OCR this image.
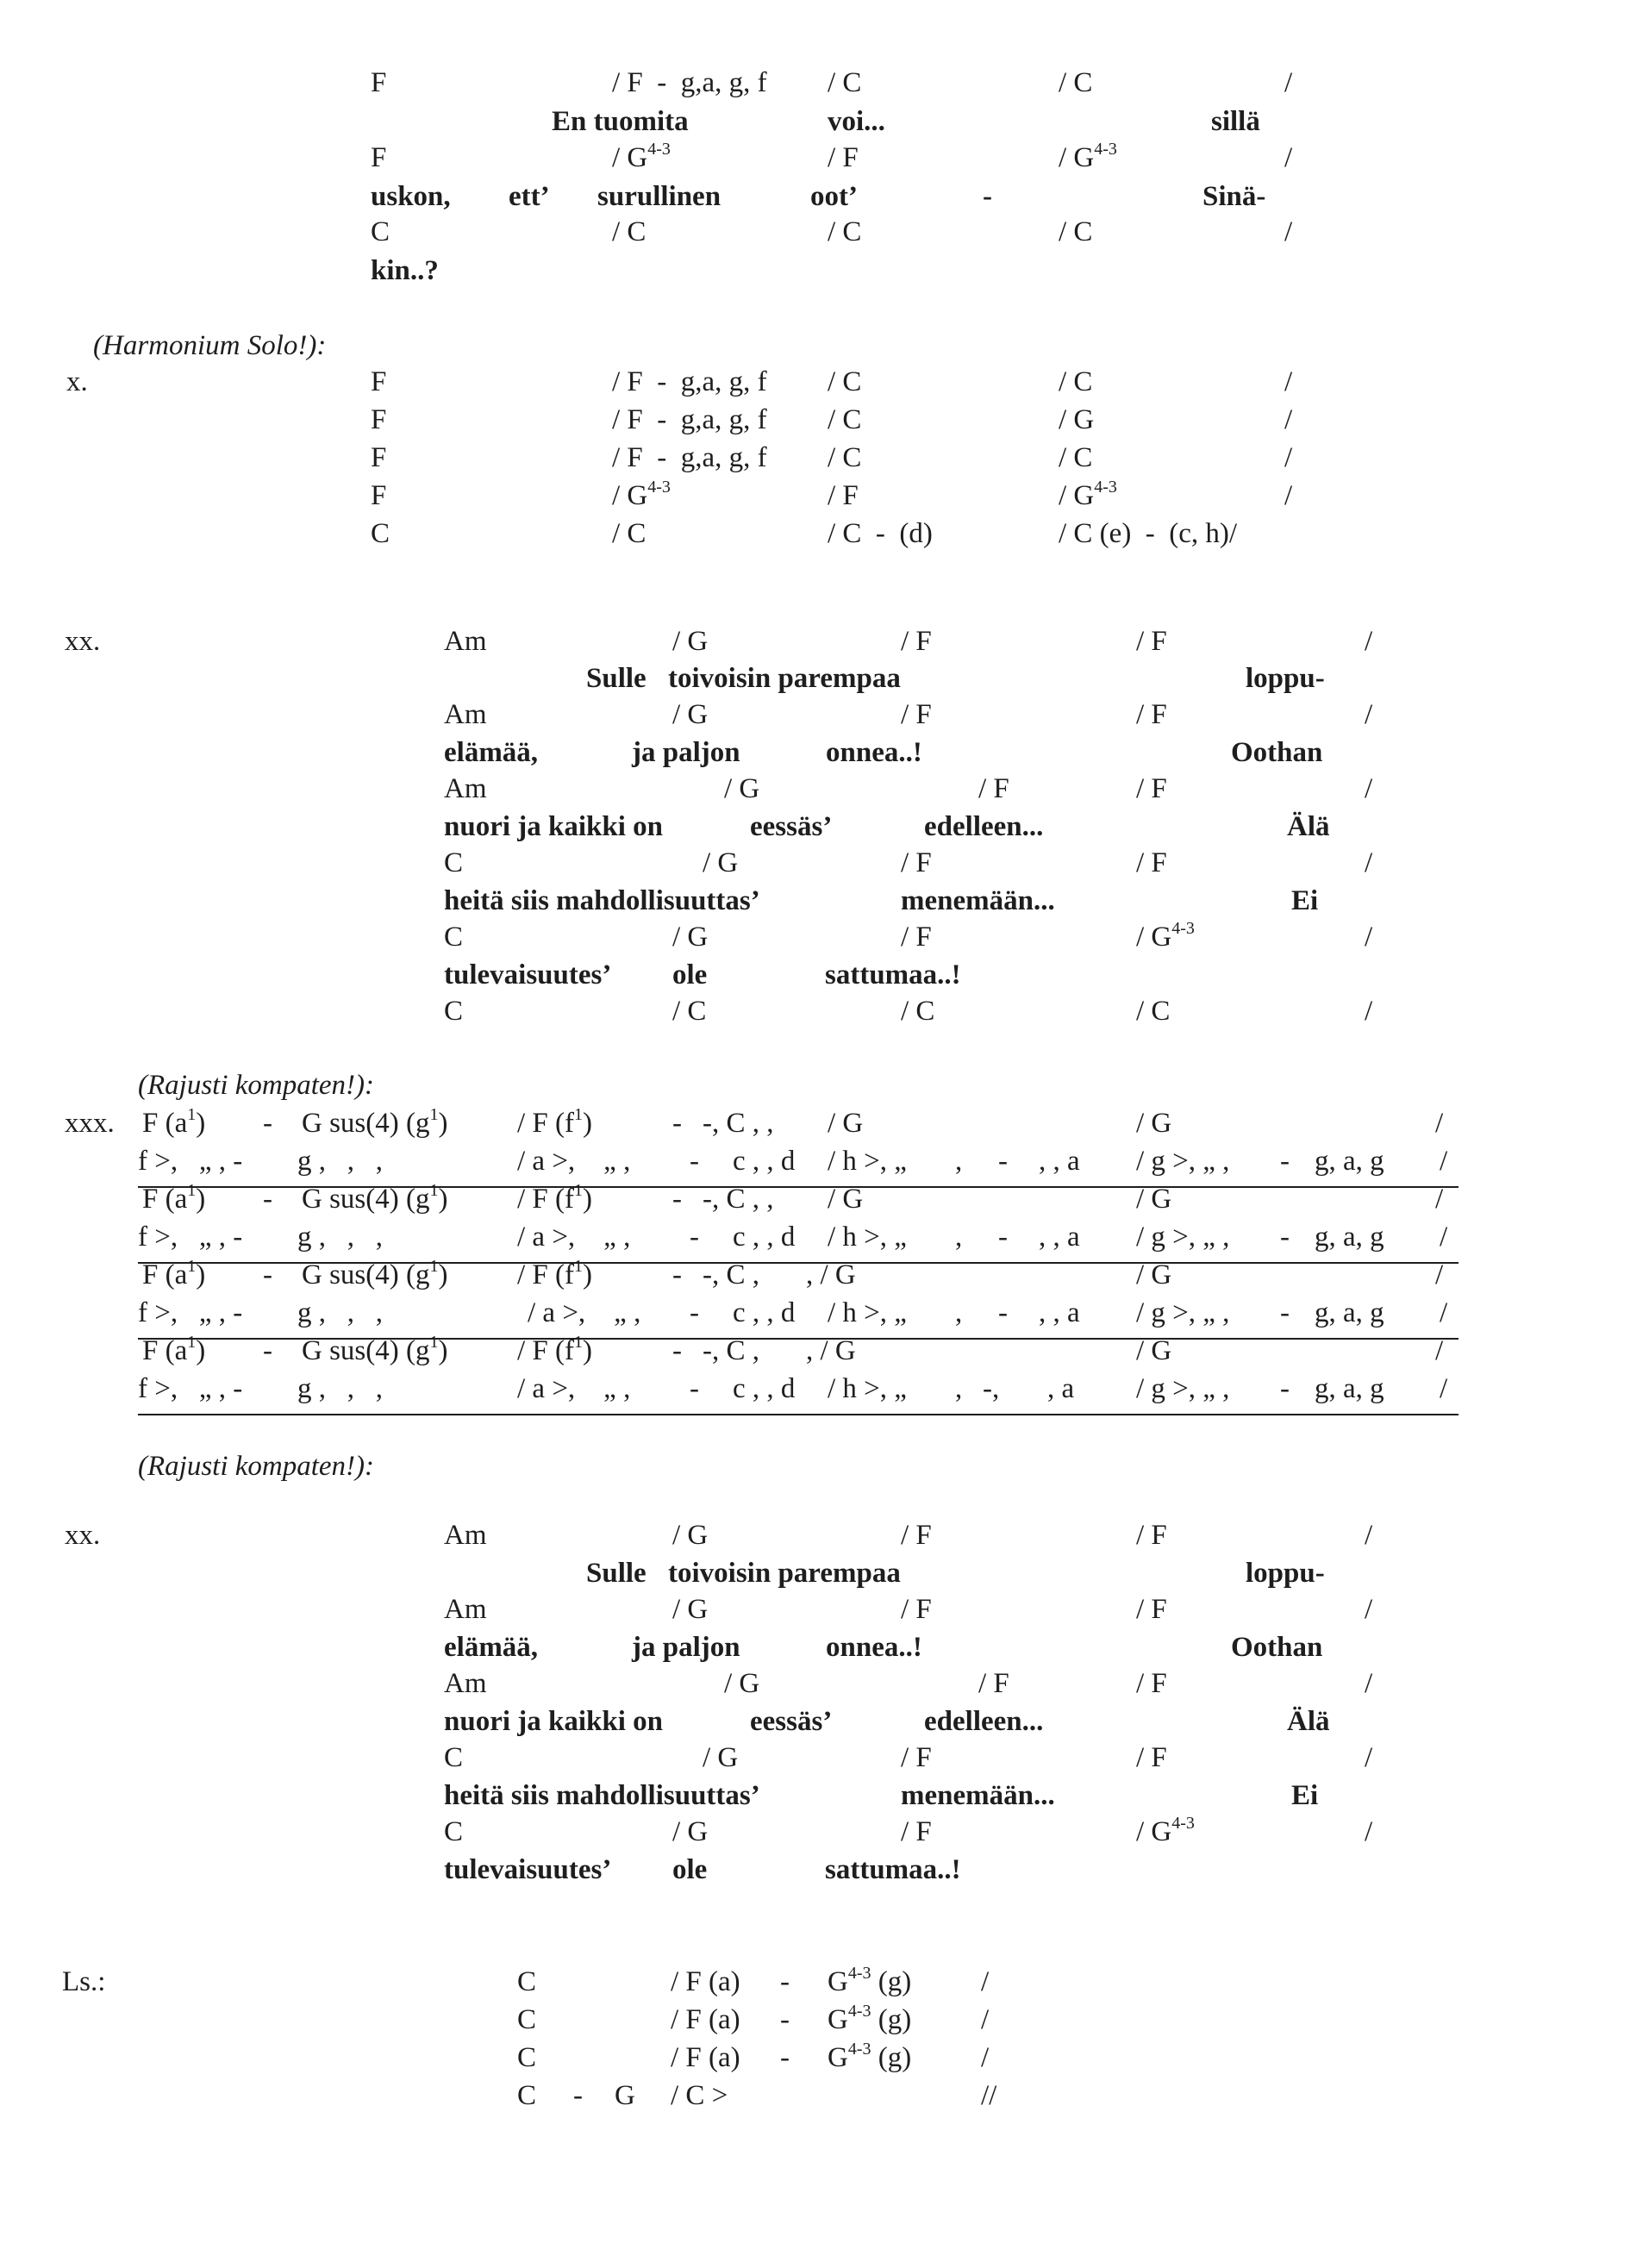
F	/ F  -  g,a, g, f / C	/ C	/
En tuomita	voi...	sillä
F	/ $G^{4-3}$	/ F	/ $G^{4-3}$	/
uskon, ett’ surullinen	oot’	-	Sinä-
C	/ C	/ C	/ C	/
kin..?
(Harmonium Solo!):
x.	F	/ F  -  g,a, g, f / C	/ C	/
F	/ F  -  g,a, g, f / C	/ G	/
F	/ F  -  g,a, g, f / C	/ C	/
F	/ $G^{4-3}$	/ F	/ $G^{4-3}$	/
C	/ C	/ C  -  (d)	/ C (e)  -  (c, h)/
xx.	Am	/ G	/ F	/ F	/
Sulle toivoisin parempaa	loppu-
Am	/ G	/ F	/ F	/
elämää,	ja paljon	onnea..!	Oothan
Am	/ G	/ F	/ F	/
nuori ja kaikki on	eessäs’	edelleen...	Älä
C	/ G	/ F	/ F	/
heitä siis mahdollisuuttas’	menemään...	Ei
C	/ G	/ F	/ $G^{4-3}$	/
tulevaisuutes’ ole	sattumaa..!
C	/ C	/ C	/ C	/
(Rajusti kompaten!):
xxx. F $(a^1)$ - G sus(4) $(g^1)$ / F $(f^1)$	- -, C , , / G	/ G	/
f >,   „ , - g ,   ,   ,	/ a >,    „ , - c , , d / h >, „ , - , , a / g >, „ , - g, a, g /
F $(a^1)$ - G sus(4) $(g^1)$ / F $(f^1)$	- -, C , , / G	/ G	/
f >,   „ , - g ,   ,   ,	/ a >,    „ , - c , , d / h >, „ , - , , a / g >, „ , - g, a, g /
F $(a^1)$ - G sus(4) $(g^1)$ / F $(f^1)$	- -, C , , / G	/ G	/
f >,   „ , - g ,   ,   ,	/ a >,    „ , - c , , d / h >, „ , - , , a / g >, „ , - g, a, g /
F $(a^1)$ - G sus(4) $(g^1)$ / F $(f^1)$	- -, C , , / G	/ G	/
f >,   „ , - g ,   ,   ,	/ a >,    „ , - c , , d / h >, „ , -, , a / g >, „ , - g, a, g /
(Rajusti kompaten!):
xx.	Am	/ G	/ F	/ F	/
Sulle toivoisin parempaa	loppu-
Am	/ G	/ F	/ F	/
elämää,	ja paljon	onnea..!	Oothan
Am	/ G	/ F	/ F	/
nuori ja kaikki on	eessäs’	edelleen...	Älä
C	/ G	/ F	/ F	/
heitä siis mahdollisuuttas’	menemään...	Ei
C	/ G	/ F	/ $G^{4-3}$	/
tulevaisuutes’ ole	sattumaa..!
Ls.:	C	/ F $(a) - G^{4-3}$ (g) /
C	/ F $(a) - G^{4-3}$ (g) /
C	/ F $(a) - G^{4-3}$ (g) /
C - G / C >	//
